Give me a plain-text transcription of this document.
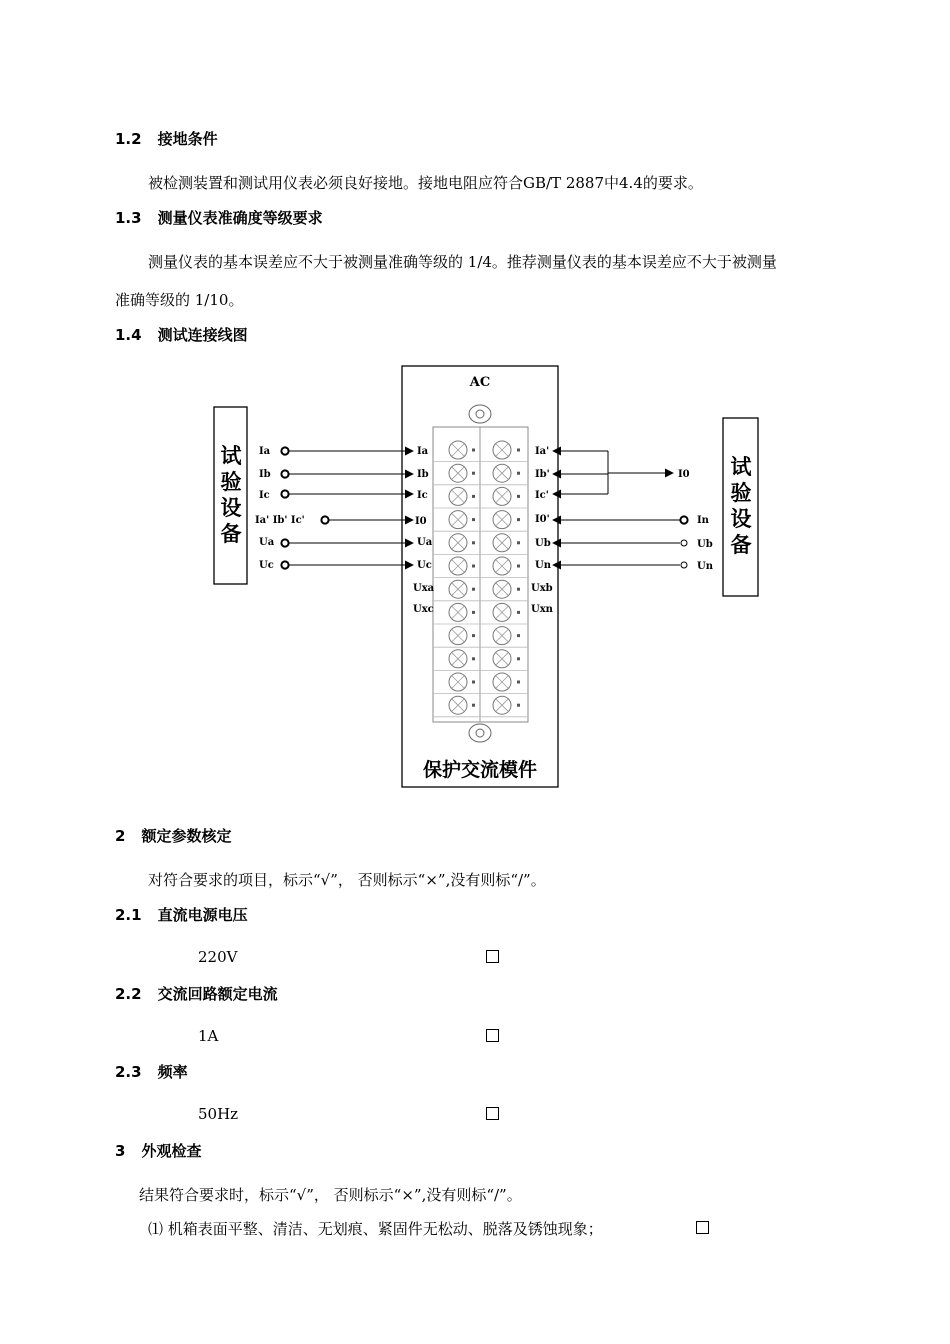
1.2 接地条件
被检测装置和测试用仪表必须良好接地。接地电阻应符合GB/T 2887中4.4的要求。
1.3 测量仪表准确度等级要求
测量仪表的基本误差应不大于被测量准确等级的 1/4。推荐测量仪表的基本误差应不大于被测量
准确等级的 1/10。
1.4 测试连接线图
试
验
设
备
试
验
设
备
AC
保护交流模件
Ia
Ib
Ic
Ia' Ib' Ic'
Ua
Uc
Ia
Ib
Ic
I0
Ua
Uc
Uxa
Uxc
Ia'
Ib'
Ic'
I0'
Ub
Un
Uxb
Uxn
In
Ub
Un
I0
2 额定参数核定
对符合要求的项目，标示“√”， 否则标示“×”,没有则标“/”。
2.1 直流电源电压
220V
2.2 交流回路额定电流
1A
2.3 频率
50Hz
3 外观检查
结果符合要求时，标示“√”， 否则标示“×”,没有则标“/”。
⑴ 机箱表面平整、清洁、无划痕、紧固件无松动、脱落及锈蚀现象；
